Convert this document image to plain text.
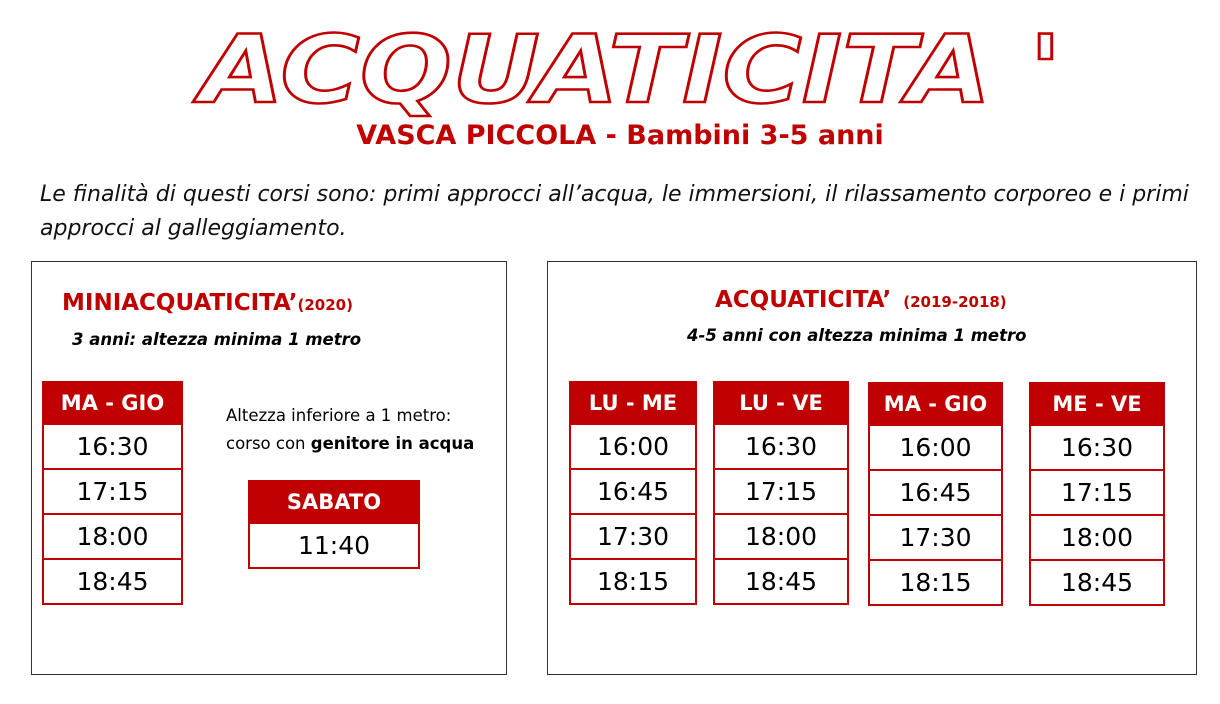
ACQUATICITA '
VASCA PICCOLA - Bambini 3-5 anni
Le finalità di questi corsi sono: primi approcci all’acqua, le immersioni, il rilassamento corporeo e i primi approcci al galleggiamento.
MINIACQUATICITA’(2020)
3 anni: altezza minima 1 metro
MA - GIO
16:30
17:15
18:00
18:45
Altezza inferiore a 1 metro:
corso con genitore in acqua
SABATO
11:40
ACQUATICITA’ (2019-2018)
4-5 anni con altezza minima 1 metro
LU - ME
16:00
16:45
17:30
18:15
LU - VE
16:30
17:15
18:00
18:45
MA - GIO
16:00
16:45
17:30
18:15
ME - VE
16:30
17:15
18:00
18:45
